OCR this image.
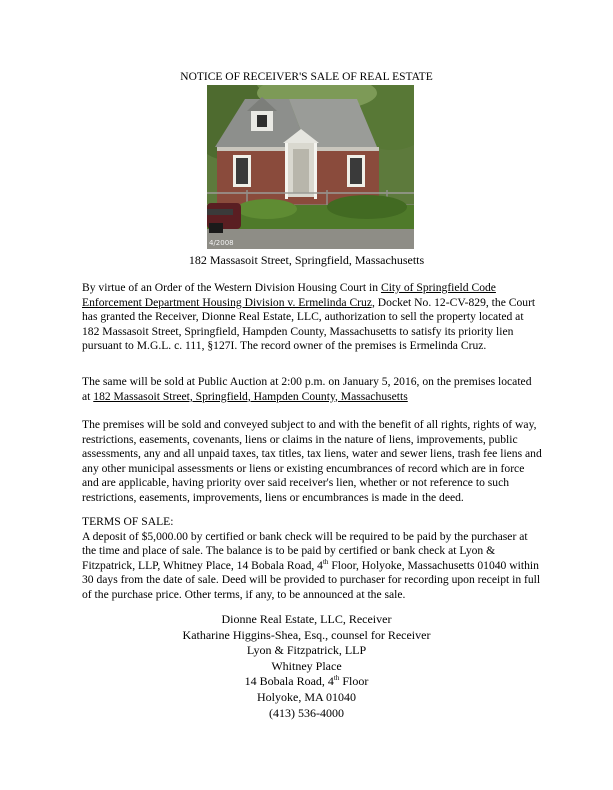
NOTICE OF RECEIVER'S SALE OF REAL ESTATE
4/2008
182 Massasoit Street, Springfield, Massachusetts
By virtue of an Order of the Western Division Housing Court in City of Springfield Code Enforcement Department Housing Division v. Ermelinda Cruz, Docket No. 12-CV-829, the Court has granted the Receiver, Dionne Real Estate, LLC, authorization to sell the property located at 182 Massasoit Street, Springfield, Hampden County, Massachusetts to satisfy its priority lien pursuant to M.G.L. c. 111, §127I. The record owner of the premises is Ermelinda Cruz.
The same will be sold at Public Auction at 2:00 p.m. on January 5, 2016, on the premises located at 182 Massasoit Street, Springfield, Hampden County, Massachusetts
The premises will be sold and conveyed subject to and with the benefit of all rights, rights of way, restrictions, easements, covenants, liens or claims in the nature of liens, improvements, public assessments, any and all unpaid taxes, tax titles, tax liens, water and sewer liens, trash fee liens and any other municipal assessments or liens or existing encumbrances of record which are in force and are applicable, having priority over said receiver's lien, whether or not reference to such restrictions, easements, improvements, liens or encumbrances is made in the deed.
TERMS OF SALE:
A deposit of $5,000.00 by certified or bank check will be required to be paid by the purchaser at the time and place of sale. The balance is to be paid by certified or bank check at Lyon & Fitzpatrick, LLP, Whitney Place, 14 Bobala Road, 4th Floor, Holyoke, Massachusetts 01040 within 30 days from the date of sale. Deed will be provided to purchaser for recording upon receipt in full of the purchase price. Other terms, if any, to be announced at the sale.
Dionne Real Estate, LLC, Receiver
Katharine Higgins-Shea, Esq., counsel for Receiver
Lyon & Fitzpatrick, LLP
Whitney Place
14 Bobala Road, 4th Floor
Holyoke, MA 01040
(413) 536-4000
